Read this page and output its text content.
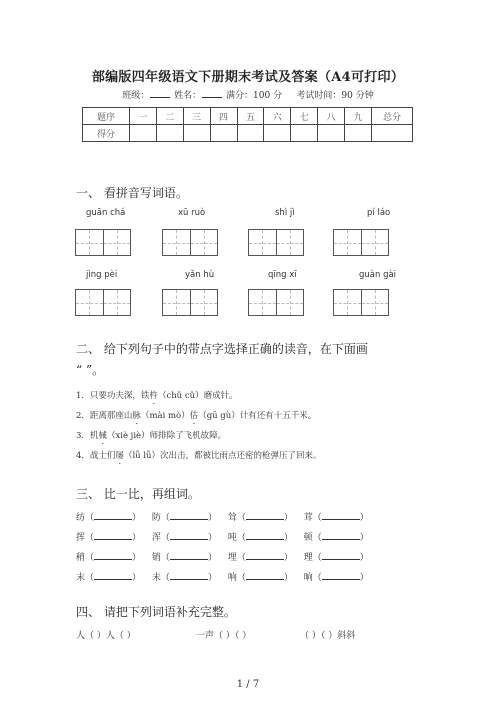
部编版四年级语文下册期末考试及答案（A4可打印）
班级：	姓名：	满分：100 分 考试时间：90 分钟
题序	一	二	三	四	五	六	七	八	九	总分
得分										
一、 看拼音写词语。
guān chá	xū ruò	shì jì	pí láo
jìng pèi	yǎn hù	qīng xī	guàn gài
二、 给下列句子中的带点字选择正确的读音，在下面画
“ ”。
1．只要功夫深，铁杵（chǔ cǔ）磨成针。
2．距离那座山脉（mài mò）估（gū gù）计有还有十五千米。
3．机械（xiè jiè）师排除了飞机故障。
4．战士们屡（lǚ lǚ）次出击，都被比雨点还密的枪弹压了回来。
三、 比一比，再组词。
纺（	） 防（	） 耸（	） 茸（	）
挥（	） 浑（	） 吨（	） 顿（	）
稍（	） 销（	） 埋（	） 理（	）
末（	） 未（	） 响（	） 晌（	）
四、 请把下列词语补充完整。
人（ ）人（ ）	一声（ ）（ ）	（ ）（ ）斜斜
1 / 7
